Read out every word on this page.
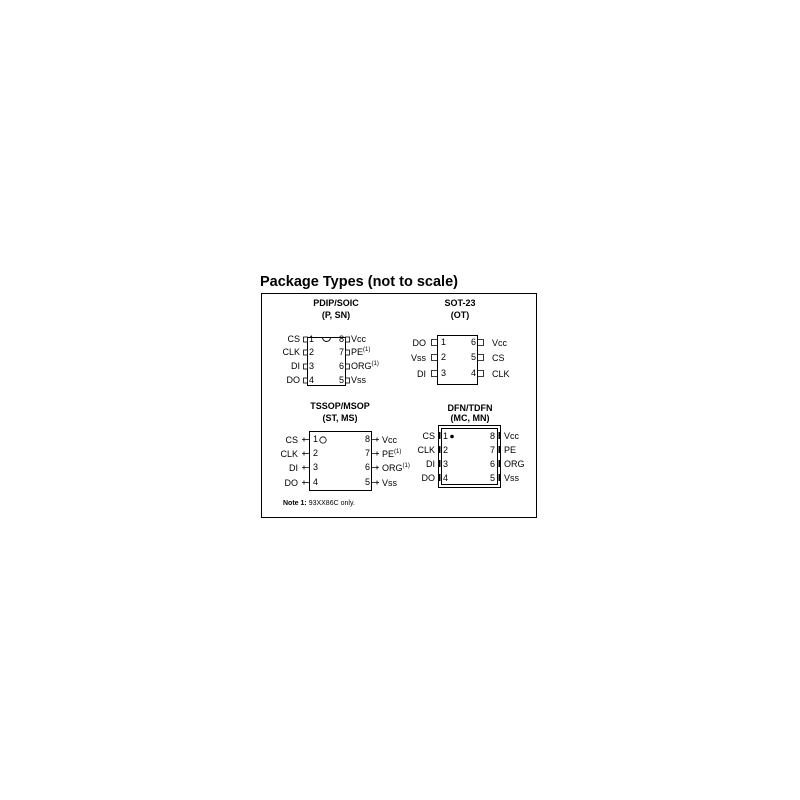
Package Types (not to scale)
PDIP/SOIC
(P, SN)
CS
CLK
DI
DO
1
2
3
4
8
7
6
5
Vcc
PE$^{(1)}$
ORG$^{(1)}$
Vss
SOT-23
(OT)
DO
Vss
DI
1
2
3
6
5
4
Vcc
CS
CLK
TSSOP/MSOP
(ST, MS)
CS
CLK
DI
DO
1
2
3
4
8
7
6
5
Vcc
PE$^{(1)}$
ORG$^{(1)}$
Vss
DFN/TDFN
(MC, MN)
CS
CLK
DI
DO
1
2
3
4
8
7
6
5
Vcc
PE
ORG
Vss
Note 1: 93XX86C only.
